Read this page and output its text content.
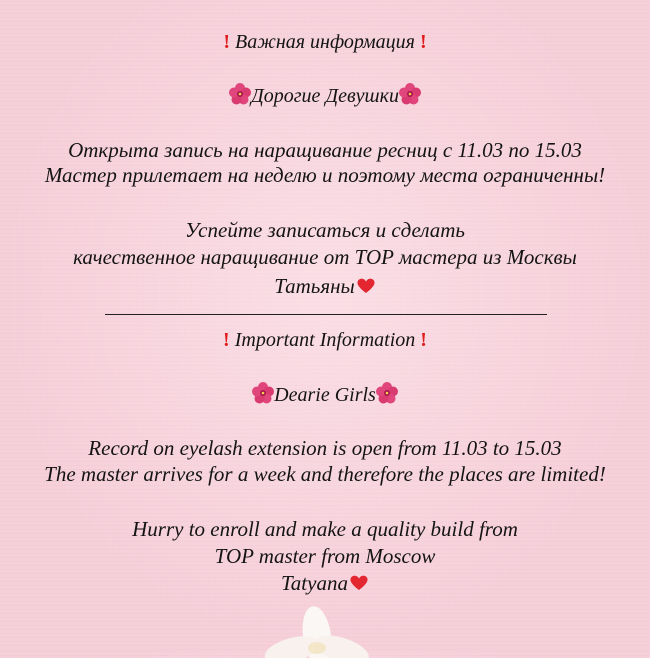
! Важная информация !
Дорогие Девушки
Открыта запись на наращивание ресниц с 11.03 по 15.03
Мастер прилетает на неделю и поэтому места ограниченны!
Успейте записаться и сделать
качественное наращивание от TOP мастера из Москвы
Татьяны
! Important Information !
Dearie Girls
Record on eyelash extension is open from 11.03 to 15.03
The master arrives for a week and therefore the places are limited!
Hurry to enroll and make a quality build from
TOP master from Moscow
Tatyana
